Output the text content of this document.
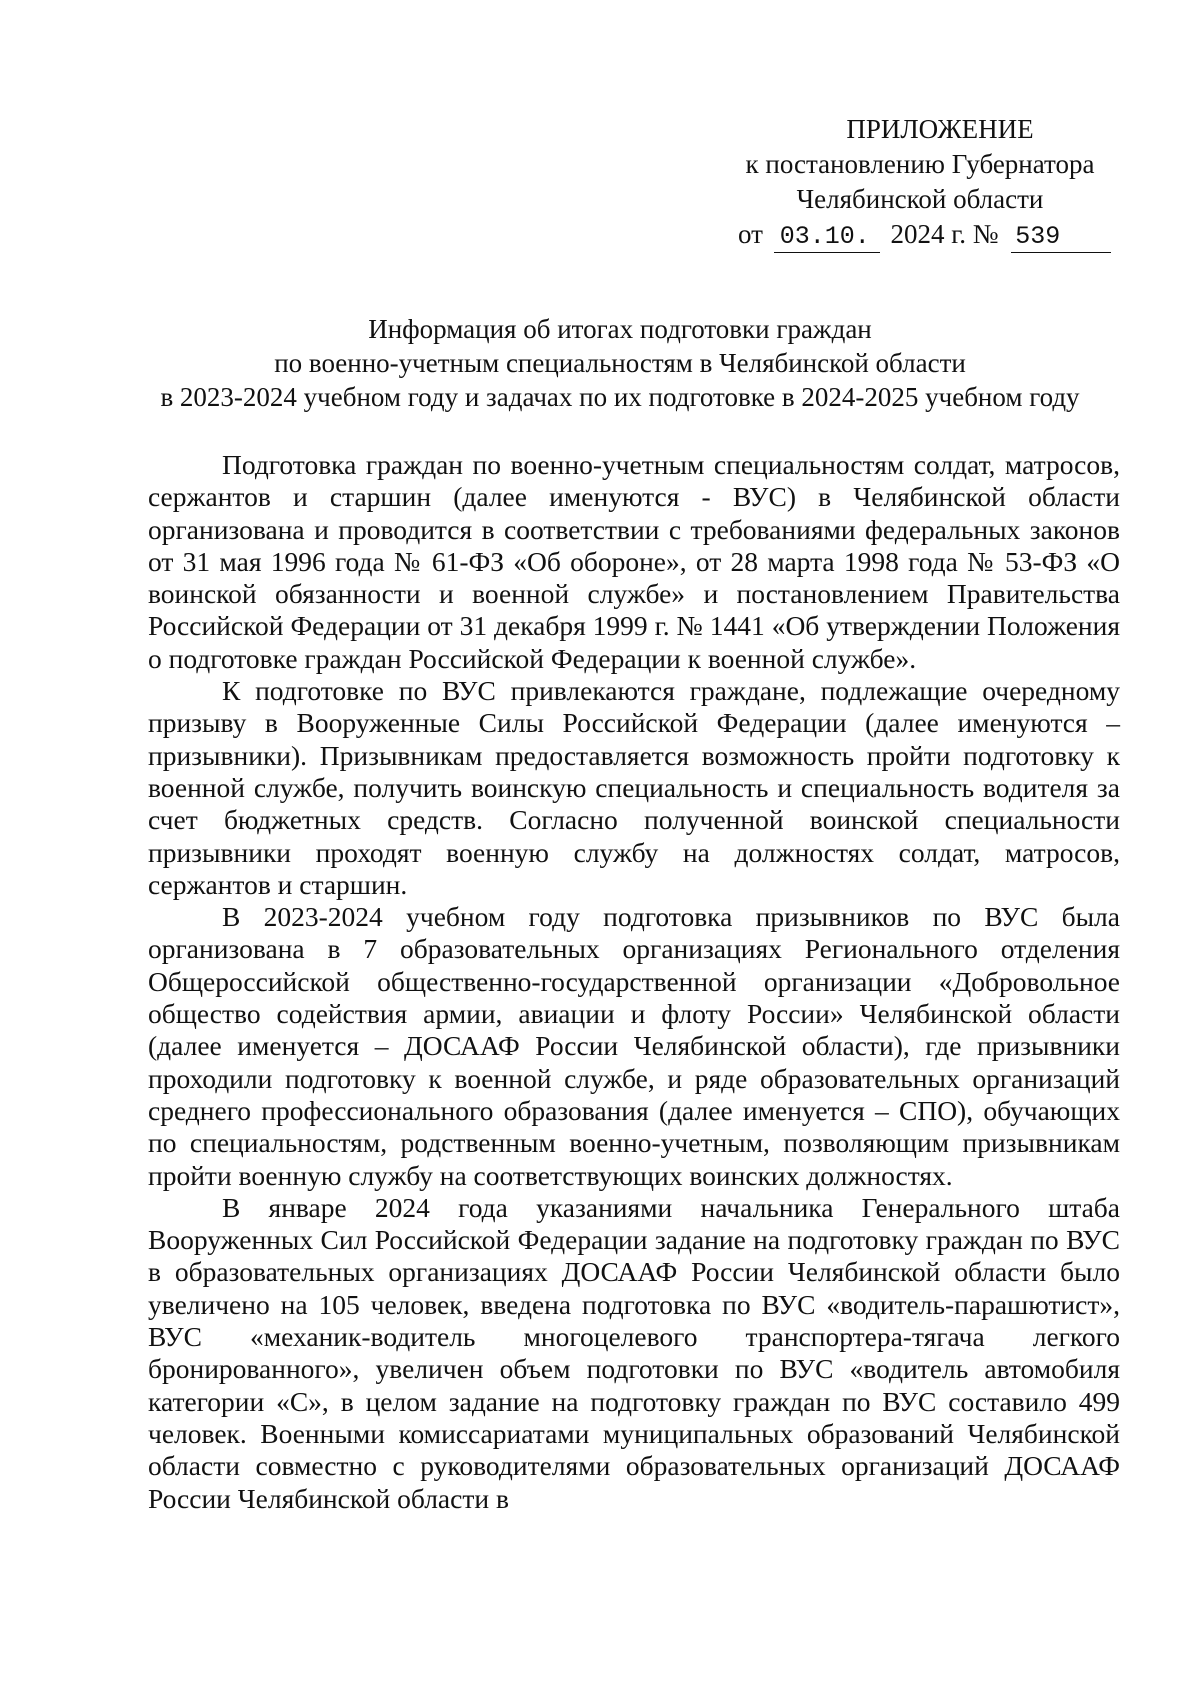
ПРИЛОЖЕНИЕ
к постановлению Губернатора
Челябинской области
от 03.10. 2024 г. № 539
Информация об итогах подготовки граждан
по военно-учетным специальностям в Челябинской области
в 2023-2024 учебном году и задачах по их подготовке в 2024-2025 учебном году

Подготовка граждан по военно-учетным специальностям солдат, матросов, сержантов и старшин (далее именуются - ВУС) в Челябинской области организована и проводится в соответствии с требованиями федеральных законов от 31 мая 1996 года № 61-ФЗ «Об обороне», от 28 марта 1998 года № 53-ФЗ «О воинской обязанности и военной службе» и постановлением Правительства Российской Федерации от 31 декабря 1999 г. № 1441 «Об утверждении Положения о подготовке граждан Российской Федерации к военной службе».

К подготовке по ВУС привлекаются граждане, подлежащие очередному призыву в Вооруженные Силы Российской Федерации (далее именуются – призывники). Призывникам предоставляется возможность пройти подготовку к военной службе, получить воинскую специальность и специальность водителя за счет бюджетных средств. Согласно полученной воинской специальности призывники проходят военную службу на должностях солдат, матросов, сержантов и старшин.

В 2023-2024 учебном году подготовка призывников по ВУС была организована в 7 образовательных организациях Регионального отделения Общероссийской общественно-государственной организации «Добровольное общество содействия армии, авиации и флоту России» Челябинской области (далее именуется – ДОСААФ России Челябинской области), где призывники проходили подготовку к военной службе, и ряде образовательных организаций среднего профессионального образования (далее именуется – СПО), обучающих по специальностям, родственным военно-учетным, позволяющим призывникам пройти военную службу на соответствующих воинских должностях.

В январе 2024 года указаниями начальника Генерального штаба Вооруженных Сил Российской Федерации задание на подготовку граждан по ВУС в образовательных организациях ДОСААФ России Челябинской области было увеличено на 105 человек, введена подготовка по ВУС «водитель-парашютист», ВУС «механик-водитель многоцелевого транспортера-тягача легкого бронированного», увеличен объем подготовки по ВУС «водитель автомобиля категории «С», в целом задание на подготовку граждан по ВУС составило 499 человек. Военными комиссариатами муниципальных образований Челябинской области совместно с руководителями образовательных организаций ДОСААФ России Челябинской области в
